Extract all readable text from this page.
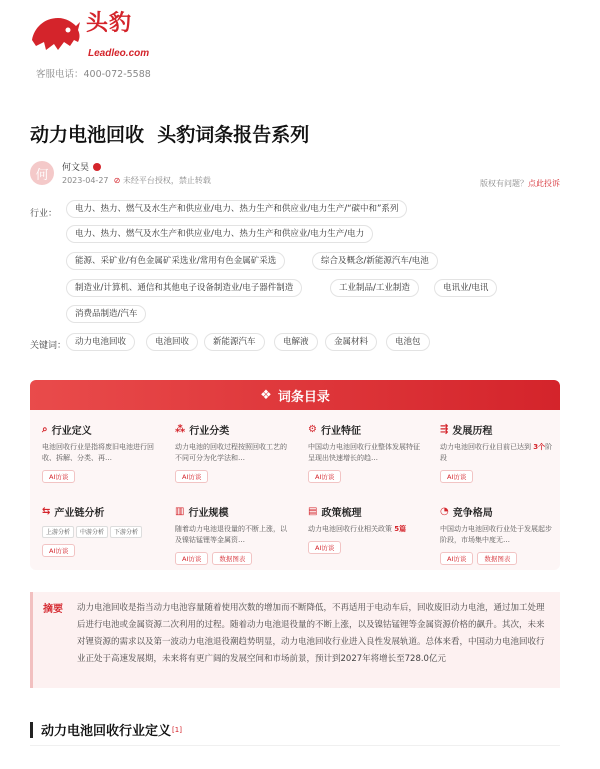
头豹
Leadleo.com
客服电话：400-072-5588
动力电池回收  头豹词条报告系列
何	何文昊
2023-04-27 ⊘ 未经平台授权，禁止转载	版权有问题？点此投诉
行业：	电力、热力、燃气及水生产和供应业/电力、热力生产和供应业/电力生产/“碳中和”系列
电力、热力、燃气及水生产和供应业/电力、热力生产和供应业/电力生产/电力
能源、采矿业/有色金属矿采选业/常用有色金属矿采选	综合及概念/新能源汽车/电池
制造业/计算机、通信和其他电子设备制造业/电子器件制造	工业制品/工业制造	电讯业/电讯
消费品制造/汽车
关键词：	动力电池回收	电池回收	新能源汽车	电解液	金属材料	电池包
❖ 词条目录
⌕ 行业定义
电池回收行业是指将废旧电池进行回收、拆解、分类、再…
AI访谈
⁂ 行业分类
动力电池的回收过程按照回收工艺的不同可分为化学法和…
AI访谈
⚙ 行业特征
中国动力电池回收行业整体发展特征呈现出快速增长的趋…
AI访谈
⇶ 发展历程
动力电池回收行业目前已达到 3个阶段
AI访谈
⇆ 产业链分析
上游分析 中游分析 下游分析
AI访谈
▥ 行业规模
随着动力电池退役量的不断上涨，以及镍钴锰锂等金属资…
AI访谈	数据图表
▤ 政策梳理
动力电池回收行业相关政策 5篇
AI访谈
◔ 竞争格局
中国动力电池回收行业处于发展起步阶段，市场集中度无…
AI访谈	数据图表
摘要 动力电池回收是指当动力电池容量随着使用次数的增加而不断降低，不再适用于电动车后，回收废旧动力电池，通过加工处理后进行电池或金属资源二次利用的过程。随着动力电池退役量的不断上涨，以及镍钴锰锂等金属资源价格的飙升。其次，未来对锂资源的需求以及第一波动力电池退役潮趋势明显，动力电池回收行业进入良性发展轨道。总体来看，中国动力电池回收行业正处于高速发展期，未来将有更广阔的发展空间和市场前景，预计到2027年将增长至728.0亿元

动力电池回收行业定义 [1]
